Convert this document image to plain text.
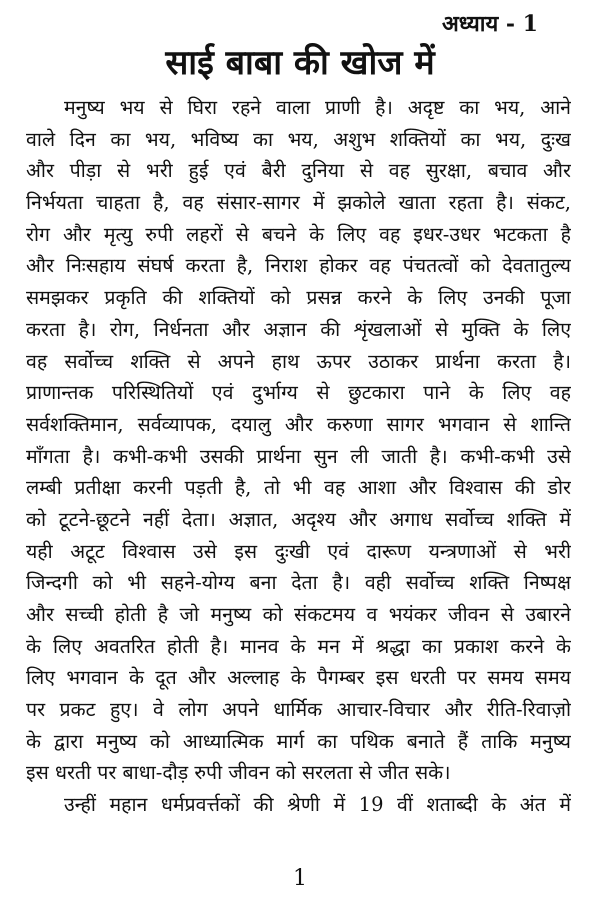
अध्याय - 1
साई बाबा की खोज में
मनुष्य भय से घिरा रहने वाला प्राणी है। अदृष्ट का भय, आने
वाले दिन का भय, भविष्य का भय, अशुभ शक्तियों का भय, दुःख
और पीड़ा से भरी हुई एवं बैरी दुनिया से वह सुरक्षा, बचाव और
निर्भयता चाहता है, वह संसार-सागर में झकोले खाता रहता है। संकट,
रोग और मृत्यु रुपी लहरों से बचने के लिए वह इधर-उधर भटकता है
और निःसहाय संघर्ष करता है, निराश होकर वह पंचतत्वों को देवतातुल्य
समझकर प्रकृति की शक्तियों को प्रसन्न करने के लिए उनकी पूजा
करता है। रोग, निर्धनता और अज्ञान की शृंखलाओं से मुक्ति के लिए
वह सर्वोच्च शक्ति से अपने हाथ ऊपर उठाकर प्रार्थना करता है।
प्राणान्तक परिस्थितियों एवं दुर्भाग्य से छुटकारा पाने के लिए वह
सर्वशक्तिमान, सर्वव्यापक, दयालु और करुणा सागर भगवान से शान्ति
माँगता है। कभी-कभी उसकी प्रार्थना सुन ली जाती है। कभी-कभी उसे
लम्बी प्रतीक्षा करनी पड़ती है, तो भी वह आशा और विश्वास की डोर
को टूटने-छूटने नहीं देता। अज्ञात, अदृश्य और अगाध सर्वोच्च शक्ति में
यही अटूट विश्वास उसे इस दुःखी एवं दारूण यन्त्रणाओं से भरी
जिन्दगी को भी सहने-योग्य बना देता है। वही सर्वोच्च शक्ति निष्पक्ष
और सच्ची होती है जो मनुष्य को संकटमय व भयंकर जीवन से उबारने
के लिए अवतरित होती है। मानव के मन में श्रद्धा का प्रकाश करने के
लिए भगवान के दूत और अल्लाह के पैगम्बर इस धरती पर समय समय
पर प्रकट हुए। वे लोग अपने धार्मिक आचार-विचार और रीति-रिवाज़ो
के द्वारा मनुष्य को आध्यात्मिक मार्ग का पथिक बनाते हैं ताकि मनुष्य
इस धरती पर बाधा-दौड़ रुपी जीवन को सरलता से जीत सके।
उन्हीं महान धर्मप्रवर्त्तकों की श्रेणी में 19 वीं शताब्दी के अंत में
1
